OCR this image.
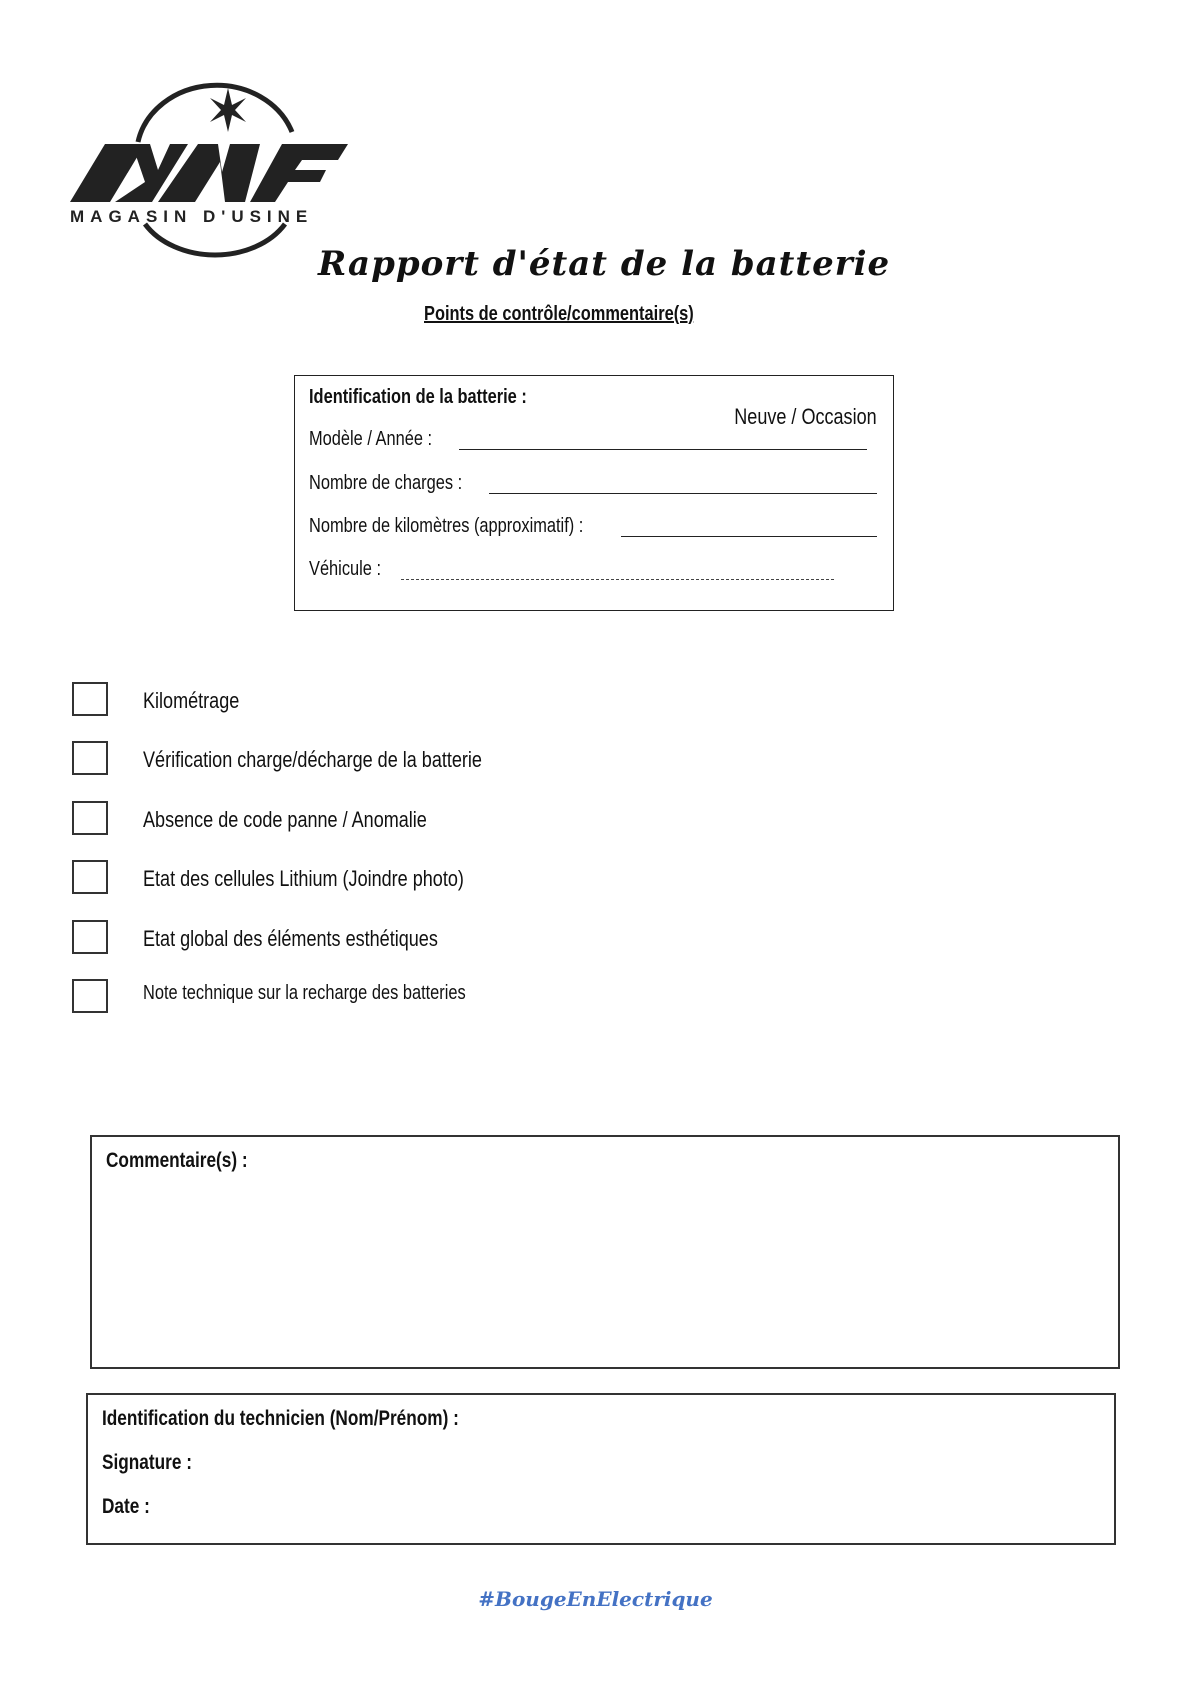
MAGASIN D'USINE
Rapport d'état de la batterie
Points de contrôle/commentaire(s)
Identification de la batterie :
Neuve / Occasion
Modèle / Année :
Nombre de charges :
Nombre de kilomètres (approximatif) :
Véhicule :
Kilométrage
Vérification charge/décharge de la batterie
Absence de code panne / Anomalie
Etat des cellules Lithium (Joindre photo)
Etat global des éléments esthétiques
Note technique sur la recharge des batteries
Commentaire(s) :
Identification du technicien (Nom/Prénom) :
Signature :
Date :
#BougeEnElectrique
